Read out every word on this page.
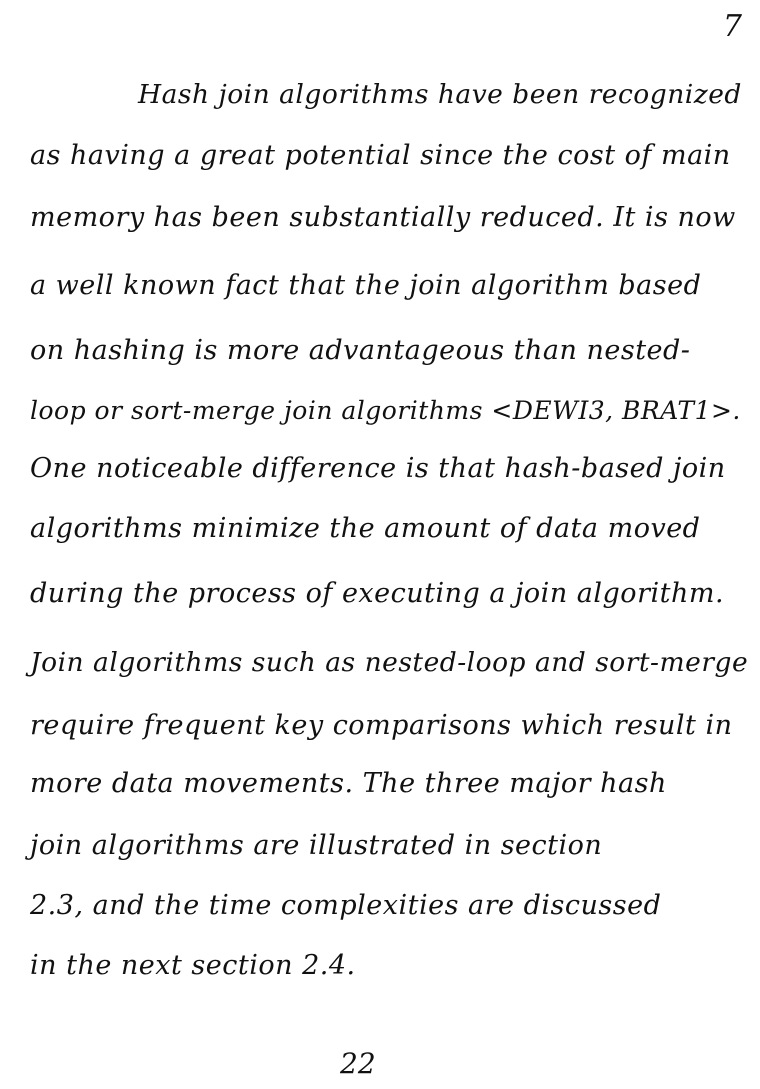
7
Hash join algorithms have been recognized
as having a great potential since the cost of main
memory has been substantially reduced. It is now
a well known fact that the join algorithm based
on hashing is more advantageous than nested-
loop or sort-merge join algorithms <DEWI3, BRAT1>.
One noticeable difference is that hash-based join
algorithms minimize the amount of data moved
during the process of executing a join algorithm.
Join algorithms such as nested-loop and sort-merge
require frequent key comparisons which result in
more data movements. The three major hash
join algorithms are illustrated in section
2.3, and the time complexities are discussed
in the next section 2.4.
22
